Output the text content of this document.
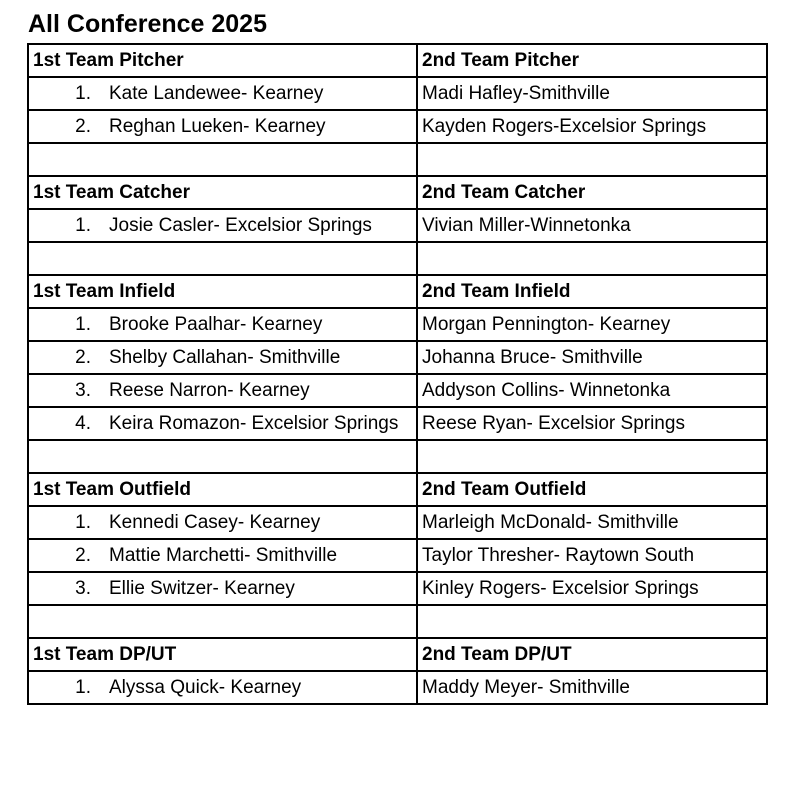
All Conference 2025
1st Team Pitcher	2nd Team Pitcher
1. Kate Landewee- Kearney	Madi Hafley-Smithville
2. Reghan Lueken- Kearney	Kayden Rogers-Excelsior Springs

1st Team Catcher	2nd Team Catcher
1. Josie Casler- Excelsior Springs	Vivian Miller-Winnetonka

1st Team Infield	2nd Team Infield
1. Brooke Paalhar- Kearney	Morgan Pennington- Kearney
2. Shelby Callahan- Smithville	Johanna Bruce- Smithville
3. Reese Narron- Kearney	Addyson Collins- Winnetonka
4. Keira Romazon- Excelsior Springs	Reese Ryan- Excelsior Springs

1st Team Outfield	2nd Team Outfield
1. Kennedi Casey- Kearney	Marleigh McDonald- Smithville
2. Mattie Marchetti- Smithville	Taylor Thresher- Raytown South
3. Ellie Switzer- Kearney	Kinley Rogers- Excelsior Springs

1st Team DP/UT	2nd Team DP/UT
1. Alyssa Quick- Kearney	Maddy Meyer- Smithville
